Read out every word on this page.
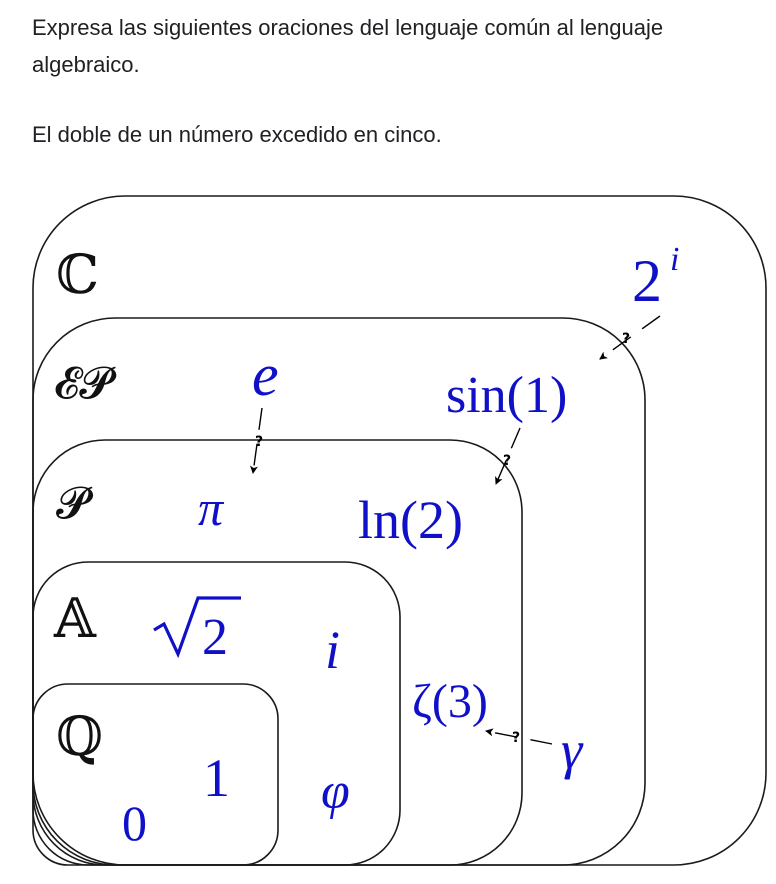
Expresa las siguientes oraciones del lenguaje común al lenguaje algebraico.
El doble de un número excedido en cinco.
ℂ
𝓔𝓟
𝓟
𝔸
ℚ
2 i
e	sin(1)
π ln(2)
2 i
ζ(3)
γ
1
0
φ
?
?
?
?
